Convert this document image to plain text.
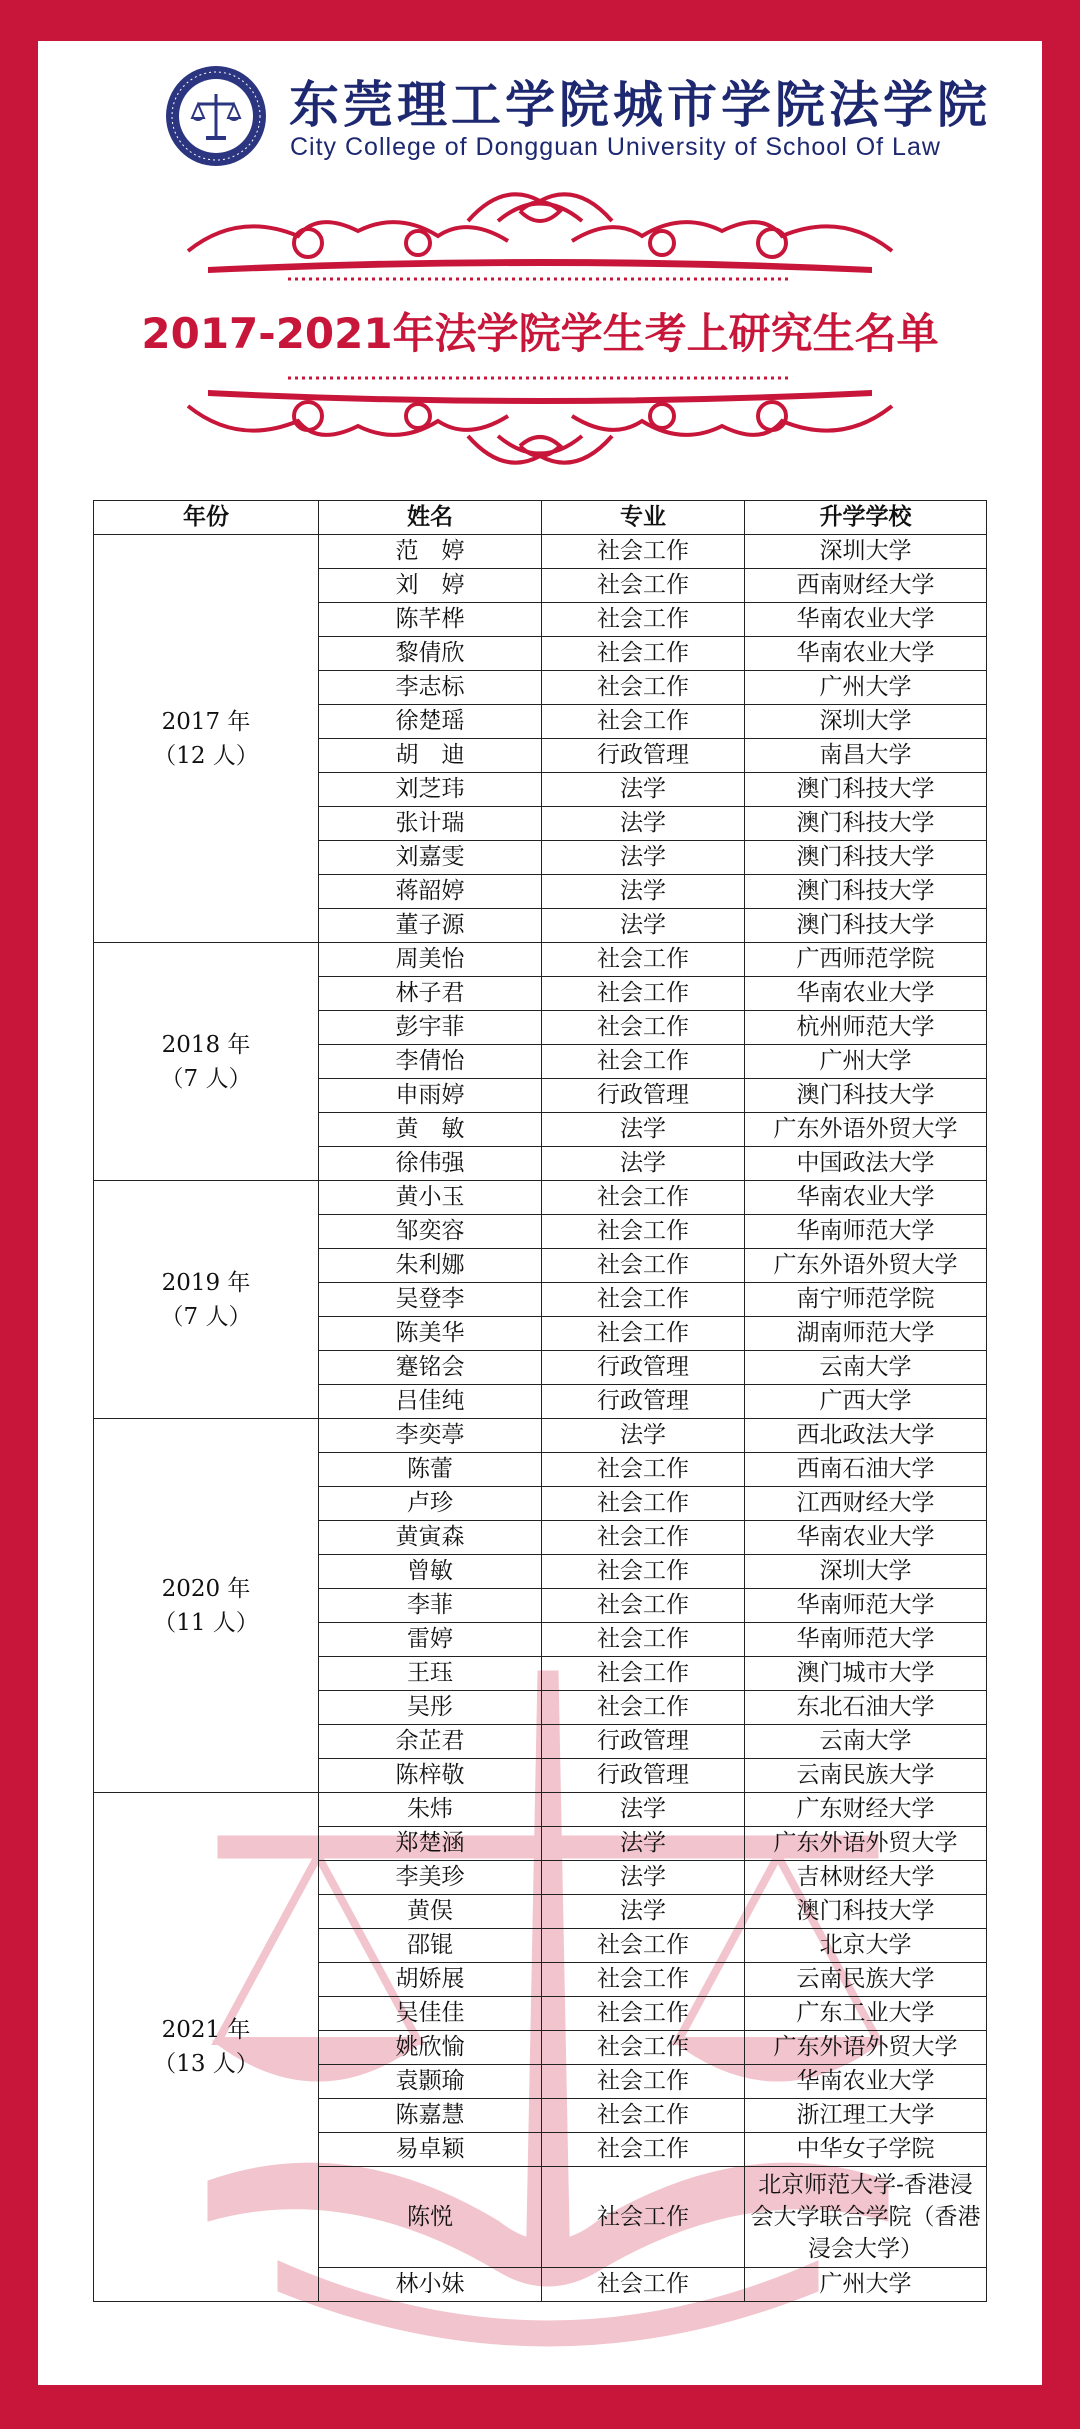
东莞理工学院城市学院法学院
City College of Dongguan University of School Of Law
2017-2021年法学院学生考上研究生名单
年份	姓名	专业	升学学校

2017 年
（12 人）	范　婷	社会工作	深圳大学
	刘　婷	社会工作	西南财经大学
	陈芊桦	社会工作	华南农业大学
	黎倩欣	社会工作	华南农业大学
	李志标	社会工作	广州大学
	徐楚瑶	社会工作	深圳大学
	胡　迪	行政管理	南昌大学
	刘芝玮	法学	澳门科技大学
	张计瑞	法学	澳门科技大学
	刘嘉雯	法学	澳门科技大学
	蒋韶婷	法学	澳门科技大学
	董子源	法学	澳门科技大学

2018 年
（7 人）	周美怡	社会工作	广西师范学院
	林子君	社会工作	华南农业大学
	彭宇菲	社会工作	杭州师范大学
	李倩怡	社会工作	广州大学
	申雨婷	行政管理	澳门科技大学
	黄　敏	法学	广东外语外贸大学
	徐伟强	法学	中国政法大学

2019 年
（7 人）	黄小玉	社会工作	华南农业大学
	邹奕容	社会工作	华南师范大学
	朱利娜	社会工作	广东外语外贸大学
	吴登李	社会工作	南宁师范学院
	陈美华	社会工作	湖南师范大学
	蹇铭会	行政管理	云南大学
	吕佳纯	行政管理	广西大学

2020 年
（11 人）	李奕葶	法学	西北政法大学
	陈蕾	社会工作	西南石油大学
	卢珍	社会工作	江西财经大学
	黄寅森	社会工作	华南农业大学
	曾敏	社会工作	深圳大学
	李菲	社会工作	华南师范大学
	雷婷	社会工作	华南师范大学
	王珏	社会工作	澳门城市大学
	吴彤	社会工作	东北石油大学
	余芷君	行政管理	云南大学
	陈梓敬	行政管理	云南民族大学

2021 年
（13 人）	朱炜	法学	广东财经大学
	郑楚涵	法学	广东外语外贸大学
	李美珍	法学	吉林财经大学
	黄俣	法学	澳门科技大学
	邵锟	社会工作	北京大学
	胡娇展	社会工作	云南民族大学
	吴佳佳	社会工作	广东工业大学
	姚欣愉	社会工作	广东外语外贸大学
	袁颢瑜	社会工作	华南农业大学
	陈嘉慧	社会工作	浙江理工大学
	易卓颖	社会工作	中华女子学院
	陈悦	社会工作	北京师范大学-香港浸会大学联合学院（香港浸会大学）
	林小妹	社会工作	广州大学
